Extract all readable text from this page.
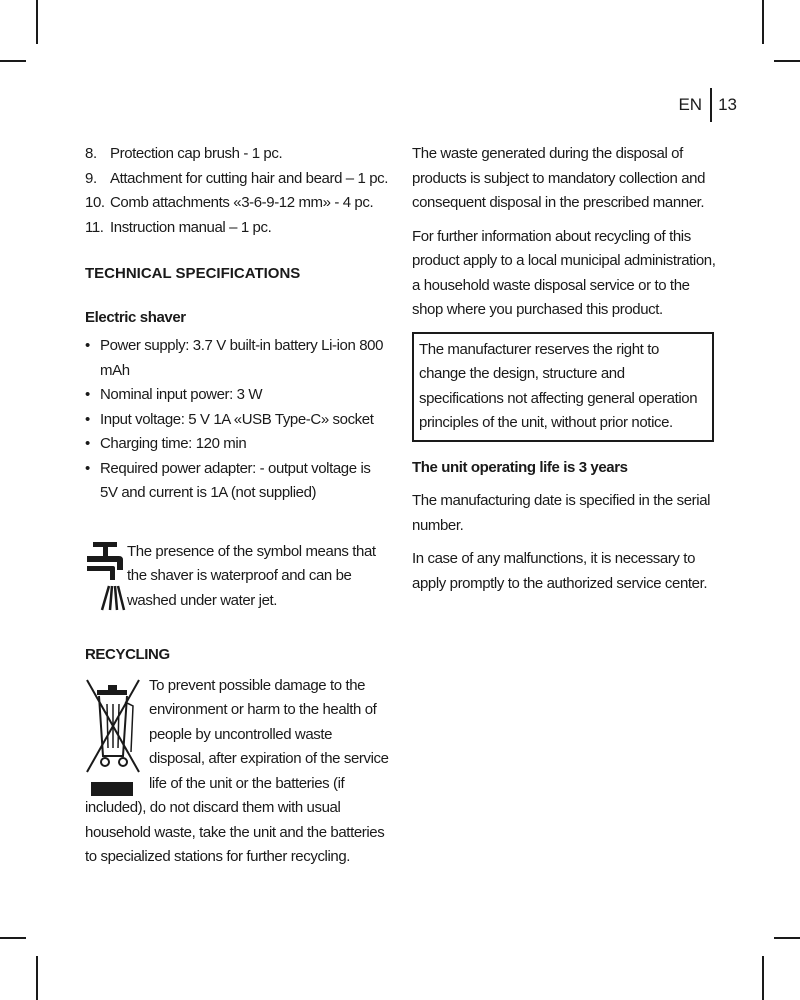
EN 13
8. Protection cap brush - 1 pc.
9. Attachment for cutting hair and beard – 1 pc.
10. Comb attachments «3-6-9-12 mm» - 4 pc.
11. Instruction manual – 1 pc.
TECHNICAL SPECIFICATIONS
Electric shaver
• Power supply: 3.7 V built-in battery Li-ion 800 mAh
• Nominal input power: 3 W
• Input voltage: 5 V 1A «USB Type-C» socket
• Charging time: 120 min
• Required power adapter: - output voltage is 5V and current is 1A (not supplied)

The presence of the symbol means that the shaver is waterproof and can be washed under water jet.

RECYCLING

To prevent possible damage to the environment or harm to the health of people by uncontrolled waste disposal, after expiration of the service life of the unit or the batteries (if included), do not discard them with usual household waste, take the unit and the batteries to specialized stations for further recycling.

The waste generated during the disposal of products is subject to mandatory collection and consequent disposal in the prescribed manner.

For further information about recycling of this product apply to a local municipal administration, a household waste disposal service or to the shop where you purchased this product.

The manufacturer reserves the right to change the design, structure and specifications not affecting general operation principles of the unit, without prior notice.

The unit operating life is 3 years

The manufacturing date is specified in the serial number.

In case of any malfunctions, it is necessary to apply promptly to the authorized service center.
